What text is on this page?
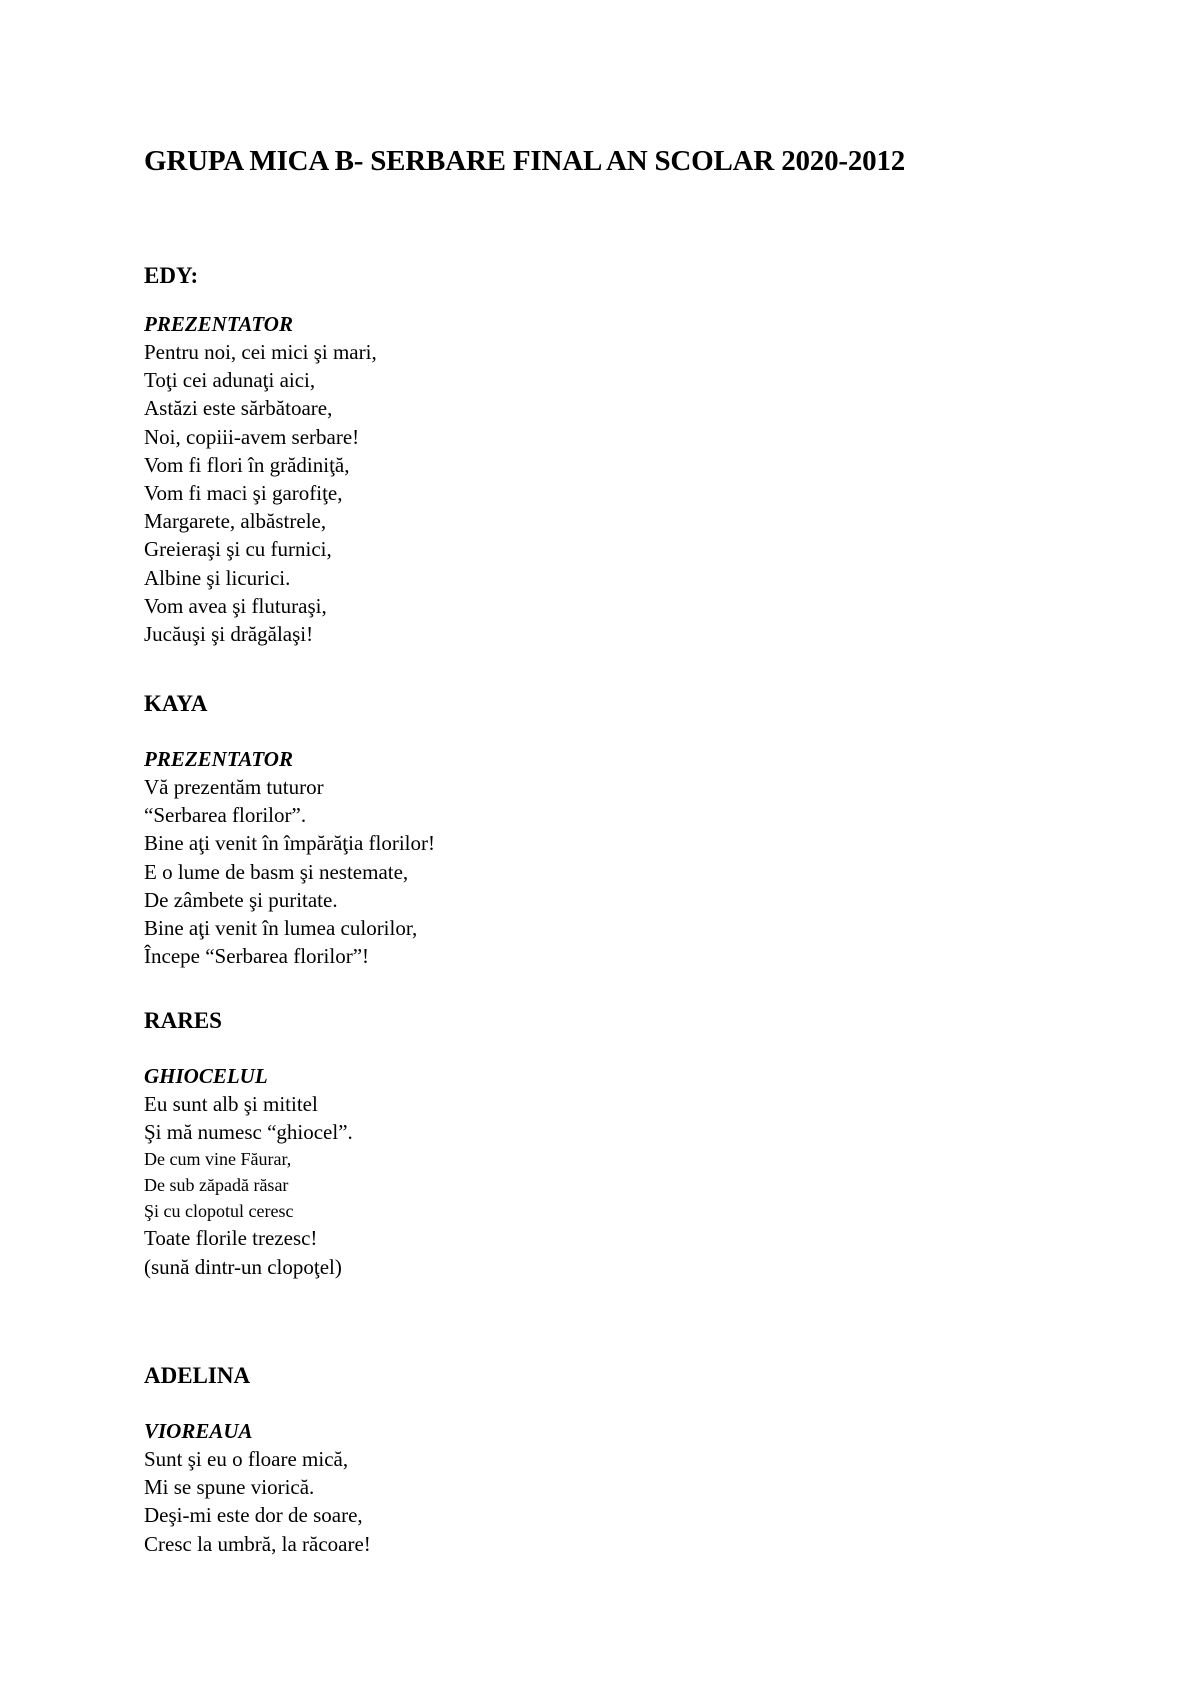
GRUPA MICA B- SERBARE FINAL AN SCOLAR 2020-2012

EDY:

PREZENTATOR

Pentru noi, cei mici şi mari,

Toţi cei adunaţi aici,

Astăzi este sărbătoare,

Noi, copiii-avem serbare!

Vom fi flori în grădiniţă,

Vom fi maci şi garofiţe,

Margarete, albăstrele,

Greieraşi şi cu furnici,

Albine şi licurici.

Vom avea şi fluturaşi,

Jucăuşi şi drăgălaşi!

KAYA

PREZENTATOR

Vă prezentăm tuturor

“Serbarea florilor”.

Bine aţi venit în împărăţia florilor!

E o lume de basm şi nestemate,

De zâmbete şi puritate.

Bine aţi venit în lumea culorilor,

Începe “Serbarea florilor”!

RARES

GHIOCELUL

Eu sunt alb şi mititel

Şi mă numesc “ghiocel”.

De cum vine Făurar,

De sub zăpadă răsar

Şi cu clopotul ceresc

Toate florile trezesc!

(sună dintr-un clopoţel)

ADELINA

VIOREAUA

Sunt şi eu o floare mică,

Mi se spune viorică.

Deşi-mi este dor de soare,

Cresc la umbră, la răcoare!
